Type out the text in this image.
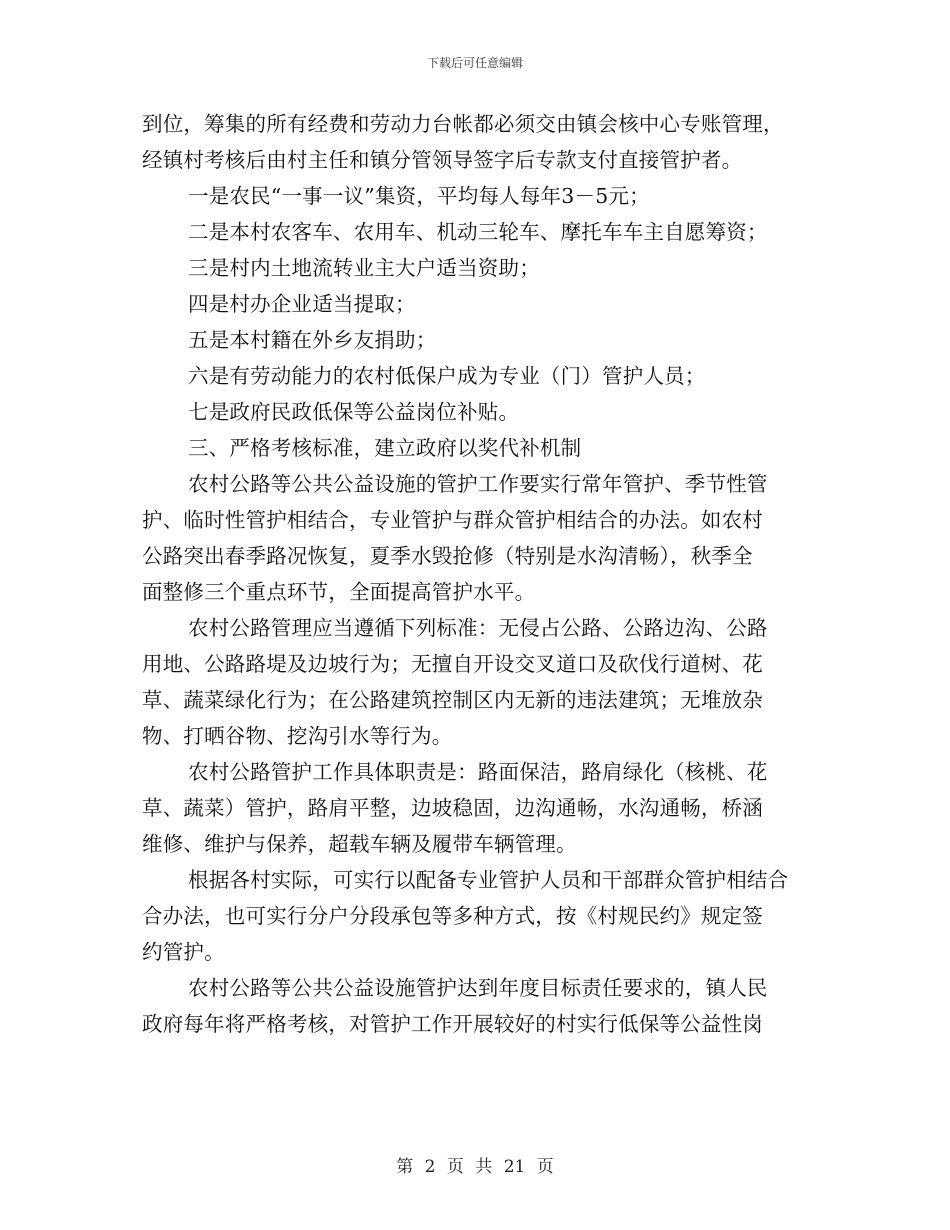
下载后可任意编辑
到位，筹集的所有经费和劳动力台帐都必须交由镇会核中心专账管理，
经镇村考核后由村主任和镇分管领导签字后专款支付直接管护者。
一是农民“一事一议”集资，平均每人每年3－5元；
二是本村农客车、农用车、机动三轮车、摩托车车主自愿筹资；
三是村内土地流转业主大户适当资助；
四是村办企业适当提取；
五是本村籍在外乡友捐助；
六是有劳动能力的农村低保户成为专业（门）管护人员；
七是政府民政低保等公益岗位补贴。
三、严格考核标准，建立政府以奖代补机制
农村公路等公共公益设施的管护工作要实行常年管护、季节性管
护、临时性管护相结合，专业管护与群众管护相结合的办法。如农村
公路突出春季路况恢复，夏季水毁抢修（特别是水沟清畅），秋季全
面整修三个重点环节，全面提高管护水平。
农村公路管理应当遵循下列标准：无侵占公路、公路边沟、公路
用地、公路路堤及边坡行为；无擅自开设交叉道口及砍伐行道树、花
草、蔬菜绿化行为；在公路建筑控制区内无新的违法建筑；无堆放杂
物、打晒谷物、挖沟引水等行为。
农村公路管护工作具体职责是：路面保洁，路肩绿化（核桃、花
草、蔬菜）管护，路肩平整，边坡稳固，边沟通畅，水沟通畅，桥涵
维修、维护与保养，超载车辆及履带车辆管理。
根据各村实际，可实行以配备专业管护人员和干部群众管护相结合
合办法，也可实行分户分段承包等多种方式，按《村规民约》规定签
约管护。
农村公路等公共公益设施管护达到年度目标责任要求的，镇人民
政府每年将严格考核，对管护工作开展较好的村实行低保等公益性岗
第 2 页 共 21 页
